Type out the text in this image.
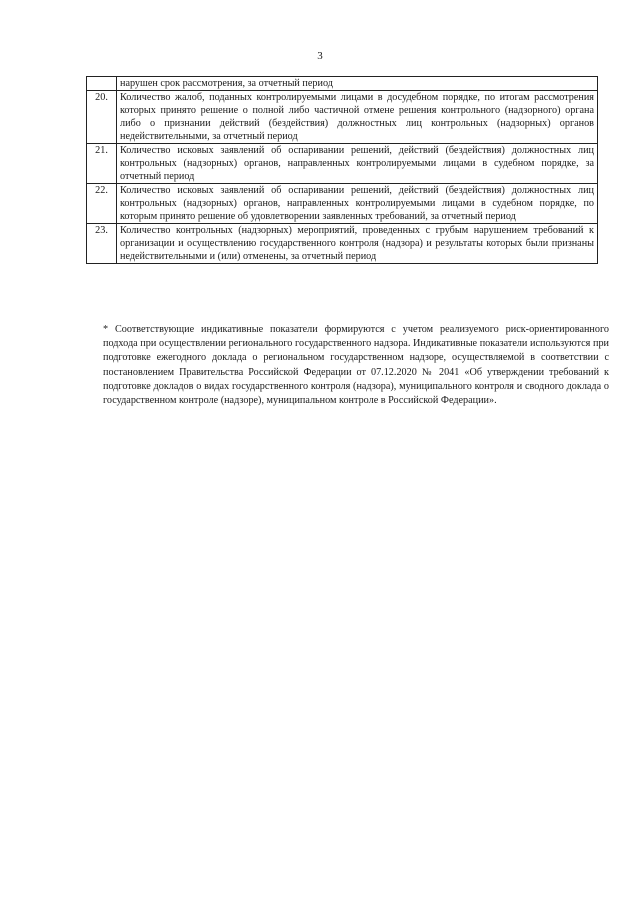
3
	нарушен срок рассмотрения, за отчетный период
20.	Количество жалоб, поданных контролируемыми лицами в досудебном порядке, по итогам рассмотрения которых принято решение о полной либо частичной отмене решения контрольного (надзорного) органа либо о признании действий (бездействия) должностных лиц контрольных (надзорных) органов недействительными, за отчетный период
21.	Количество исковых заявлений об оспаривании решений, действий (бездействия) должностных лиц контрольных (надзорных) органов, направленных контролируемыми лицами в судебном порядке, за отчетный период
22.	Количество исковых заявлений об оспаривании решений, действий (бездействия) должностных лиц контрольных (надзорных) органов, направленных контролируемыми лицами в судебном порядке, по которым принято решение об удовлетворении заявленных требований, за отчетный период
23.	Количество контрольных (надзорных) мероприятий, проведенных с грубым нарушением требований к организации и осуществлению государственного контроля (надзора) и результаты которых были признаны недействительными и (или) отменены, за отчетный период
* Соответствующие индикативные показатели формируются с учетом реализуемого риск-ориентированного подхода при осуществлении регионального государственного надзора. Индикативные показатели используются при подготовке ежегодного доклада о региональном государственном надзоре, осуществляемой в соответствии с постановлением Правительства Российской Федерации от 07.12.2020 № 2041 «Об утверждении требований к подготовке докладов о видах государственного контроля (надзора), муниципального контроля и сводного доклада о государственном контроле (надзоре), муниципальном контроле в Российской Федерации».
